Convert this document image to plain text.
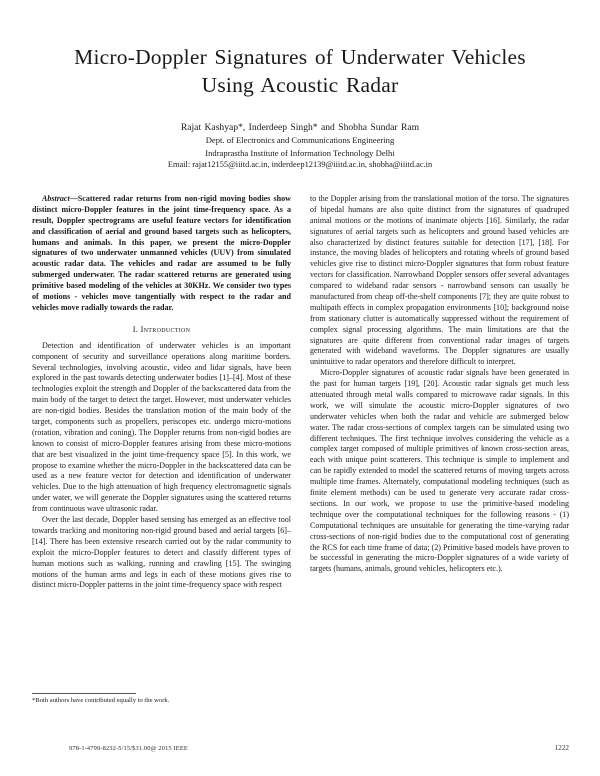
Micro-Doppler Signatures of Underwater Vehicles
Using Acoustic Radar
Rajat Kashyap*, Inderdeep Singh* and Shobha Sundar Ram
Dept. of Electronics and Communications Engineering
Indraprastha Institute of Information Technology Delhi
Email: rajat12155@iiitd.ac.in, inderdeep12139@iiitd.ac.in, shobha@iiitd.ac.in

Abstract—Scattered radar returns from non-rigid moving bodies show distinct micro-Doppler features in the joint time-frequency space. As a result, Doppler spectrograms are useful feature vectors for identification and classification of aerial and ground based targets such as helicopters, humans and animals. In this paper, we present the micro-Doppler signatures of two underwater unmanned vehicles (UUV) from simulated acoustic radar data. The vehicles and radar are assumed to be fully submerged underwater. The radar scattered returns are generated using primitive based modeling of the vehicles at 30KHz. We consider two types of motions - vehicles move tangentially with respect to the radar and vehicles move radially towards the radar.

I. Introduction

Detection and identification of underwater vehicles is an important component of security and surveillance operations along maritime borders. Several technologies, involving acoustic, video and lidar signals, have been explored in the past towards detecting underwater bodies [1]–[4]. Most of these technologies exploit the strength and Doppler of the backscattered data from the main body of the target to detect the target. However, most underwater vehicles are non-rigid bodies. Besides the translation motion of the main body of the target, components such as propellers, periscopes etc. undergo micro-motions (rotation, vibration and coning). The Doppler returns from non-rigid bodies are known to consist of micro-Doppler features arising from these micro-motions that are best visualized in the joint time-frequency space [5]. In this work, we propose to examine whether the micro-Doppler in the backscattered data can be used as a new feature vector for detection and identification of underwater vehicles. Due to the high attenuation of high frequency electromagnetic signals under water, we will generate the Doppler signatures using the scattered returns from continuous wave ultrasonic radar.

Over the last decade, Doppler based sensing has emerged as an effective tool towards tracking and monitoring non-rigid ground based and aerial targets [6]–[14]. There has been extensive research carried out by the radar community to exploit the micro-Doppler features to detect and classify different types of human motions such as walking, running and crawling [15]. The swinging motions of the human arms and legs in each of these motions gives rise to distinct micro-Doppler patterns in the joint time-frequency space with respect

to the Doppler arising from the translational motion of the torso. The signatures of bipedal humans are also quite distinct from the signatures of quadruped animal motions or the motions of inanimate objects [16]. Similarly, the radar signatures of aerial targets such as helicopters and ground based vehicles are also characterized by distinct features suitable for detection [17], [18]. For instance, the moving blades of helicopters and rotating wheels of ground based vehicles give rise to distinct micro-Doppler signatures that form robust feature vectors for classification. Narrowband Doppler sensors offer several advantages compared to wideband radar sensors - narrowband sensors can usually be manufactured from cheap off-the-shelf components [7]; they are quite robust to multipath effects in complex propagation environments [10]; background noise from stationary clutter is automatically suppressed without the requirement of complex signal processing algorithms. The main limitations are that the signatures are quite different from conventional radar images of targets generated with wideband waveforms. The Doppler signatures are usually unintuitive to radar operators and therefore difficult to interpret.

Micro-Doppler signatures of acoustic radar signals have been generated in the past for human targets [19], [20]. Acoustic radar signals get much less attenuated through metal walls compared to microwave radar signals. In this work, we will simulate the acoustic micro-Doppler signatures of two underwater vehicles when both the radar and vehicle are submerged below water. The radar cross-sections of complex targets can be simulated using two different techniques. The first technique involves considering the vehicle as a complex target composed of multiple primitives of known cross-section areas, each with unique point scatterers. This technique is simple to implement and can be rapidly extended to model the scattered returns of moving targets across multiple time frames. Alternately, computational modeling techniques (such as finite element methods) can be used to generate very accurate radar cross-sections. In our work, we propose to use the primitive-based modeling technique over the computational techniques for the following reasons - (1) Computational techniques are unsuitable for generating the time-varying radar cross-sections of non-rigid bodies due to the computational cost of generating the RCS for each time frame of data; (2) Primitive based models have proven to be successful in generating the micro-Doppler signatures of a wide variety of targets (humans, animals, ground vehicles, helicopters etc.).

*Both authors have contributed equally to the work.
978-1-4799-8232-5/15/$31.00@ 2015 IEEE	1222
